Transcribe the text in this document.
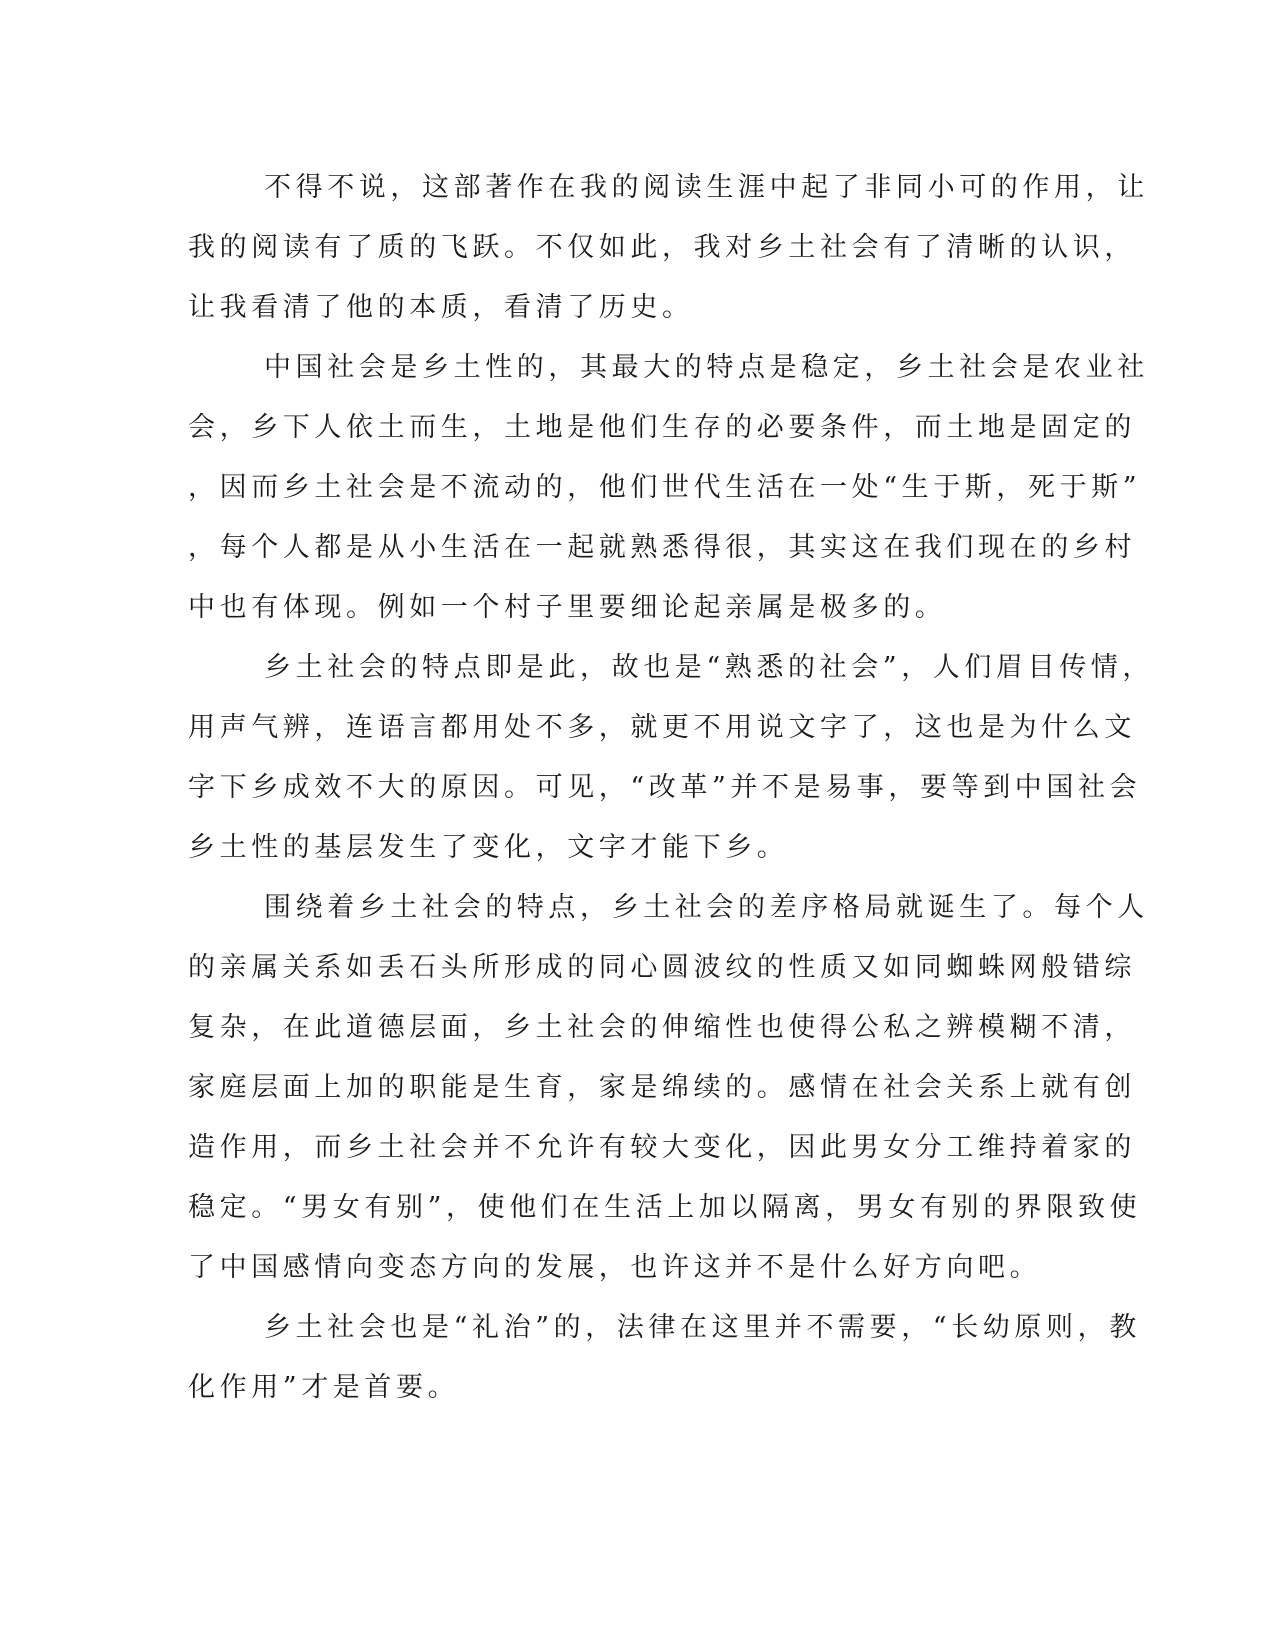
不得不说，这部著作在我的阅读生涯中起了非同小可的作用，让
我的阅读有了质的飞跃。不仅如此，我对乡土社会有了清晰的认识，
让我看清了他的本质，看清了历史。
中国社会是乡土性的，其最大的特点是稳定，乡土社会是农业社
会，乡下人依土而生，土地是他们生存的必要条件，而土地是固定的
，因而乡土社会是不流动的，他们世代生活在一处“生于斯，死于斯”
，每个人都是从小生活在一起就熟悉得很，其实这在我们现在的乡村
中也有体现。例如一个村子里要细论起亲属是极多的。
乡土社会的特点即是此，故也是“熟悉的社会”，人们眉目传情，
用声气辨，连语言都用处不多，就更不用说文字了，这也是为什么文
字下乡成效不大的原因。可见，“改革”并不是易事，要等到中国社会
乡土性的基层发生了变化，文字才能下乡。
围绕着乡土社会的特点，乡土社会的差序格局就诞生了。每个人
的亲属关系如丢石头所形成的同心圆波纹的性质又如同蜘蛛网般错综
复杂，在此道德层面，乡土社会的伸缩性也使得公私之辨模糊不清，
家庭层面上加的职能是生育，家是绵续的。感情在社会关系上就有创
造作用，而乡土社会并不允许有较大变化，因此男女分工维持着家的
稳定。“男女有别”，使他们在生活上加以隔离，男女有别的界限致使
了中国感情向变态方向的发展，也许这并不是什么好方向吧。
乡土社会也是“礼治”的，法律在这里并不需要，“长幼原则，教
化作用”才是首要。
